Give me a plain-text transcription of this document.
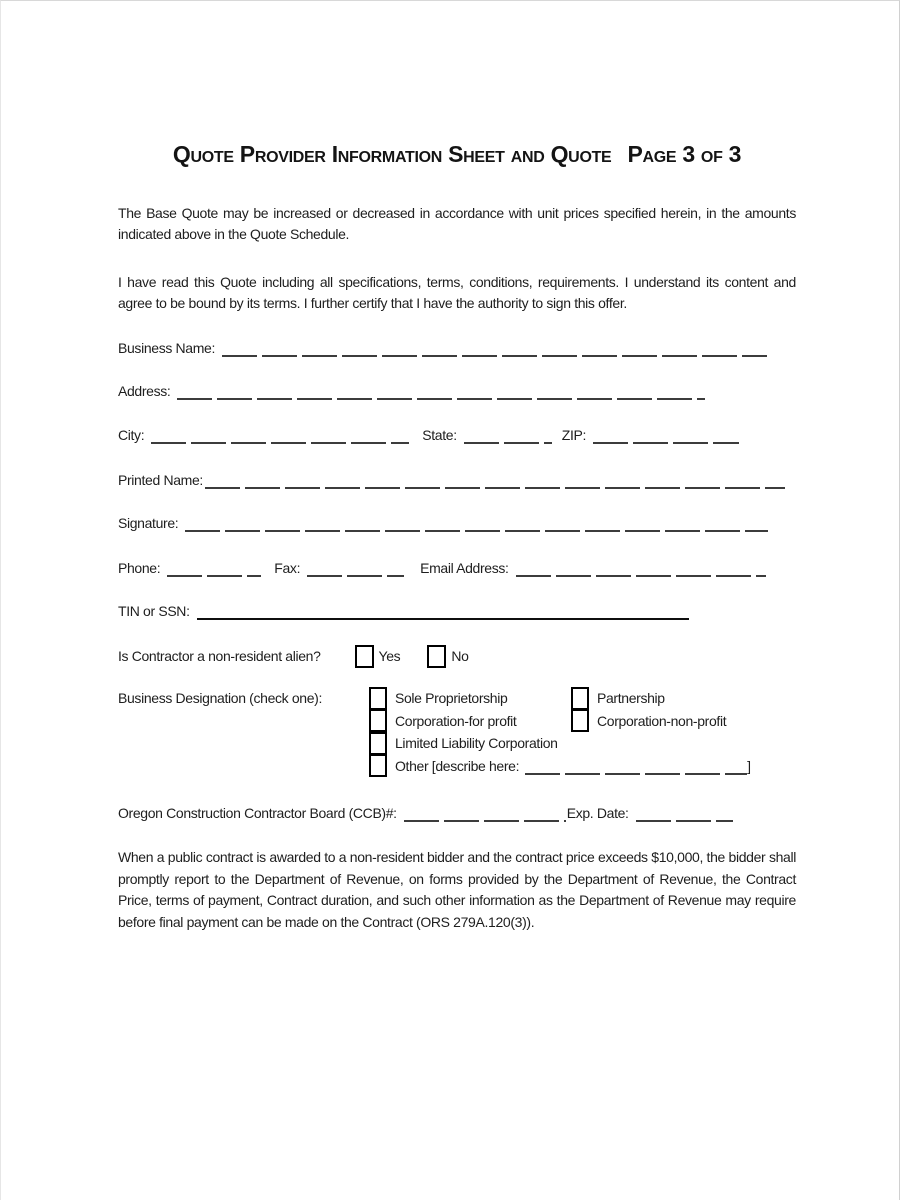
Quote Provider Information Sheet and Quote Page 3 of 3

The Base Quote may be increased or decreased in accordance with unit prices specified herein, in the amounts indicated above in the Quote Schedule.

I have read this Quote including all specifications, terms, conditions, requirements. I understand its content and agree to be bound by its terms. I further certify that I have the authority to sign this offer.

Business Name:
Address:
City:	State:	ZIP:
Printed Name:
Signature:
Phone:	Fax:	Email Address:
TIN or SSN:
Is Contractor a non-resident alien?	Yes	No
Business Designation (check one):	Sole Proprietorship	Partnership
Corporation-for profit	Corporation-non-profit
Limited Liability Corporation
Other [describe here:	]
Oregon Construction Contractor Board (CCB)#:	Exp. Date:

When a public contract is awarded to a non-resident bidder and the contract price exceeds $10,000, the bidder shall promptly report to the Department of Revenue, on forms provided by the Department of Revenue, the Contract Price, terms of payment, Contract duration, and such other information as the Department of Revenue may require before final payment can be made on the Contract (ORS 279A.120(3)).
